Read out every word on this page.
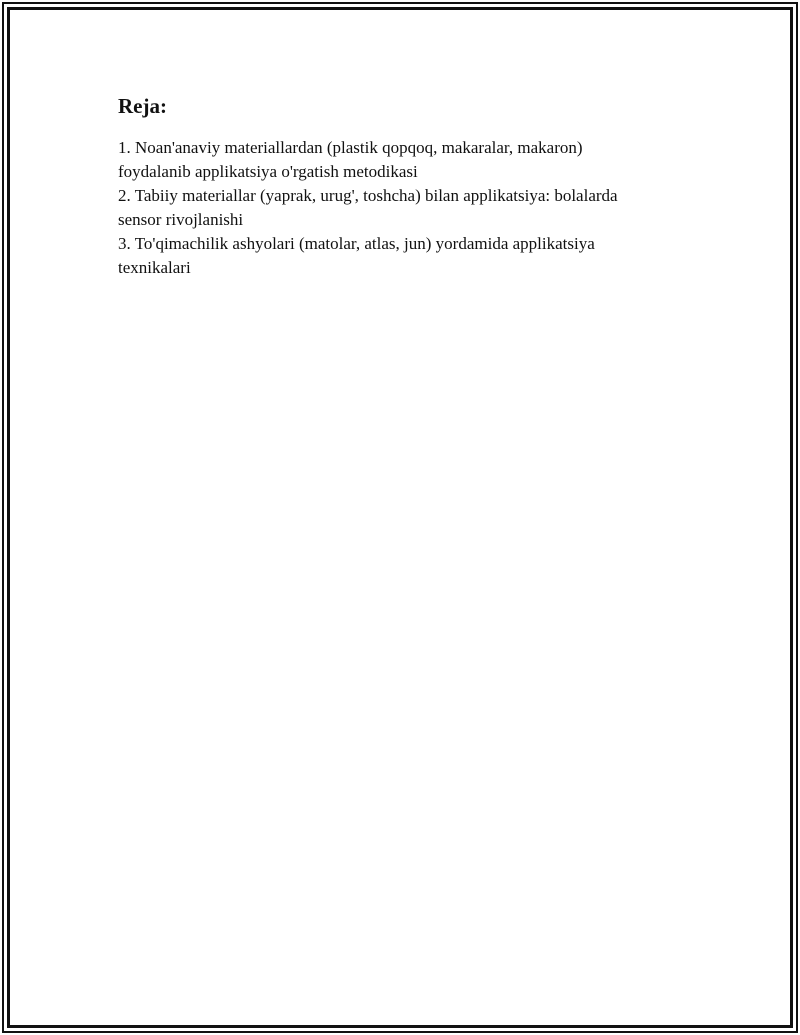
Reja:
1. Noan'anaviy materiallardan (plastik qopqoq, makaralar, makaron)
foydalanib applikatsiya o'rgatish metodikasi
2. Tabiiy materiallar (yaprak, urug', toshcha) bilan applikatsiya: bolalarda
sensor rivojlanishi
3. To'qimachilik ashyolari (matolar, atlas, jun) yordamida applikatsiya
texnikalari
